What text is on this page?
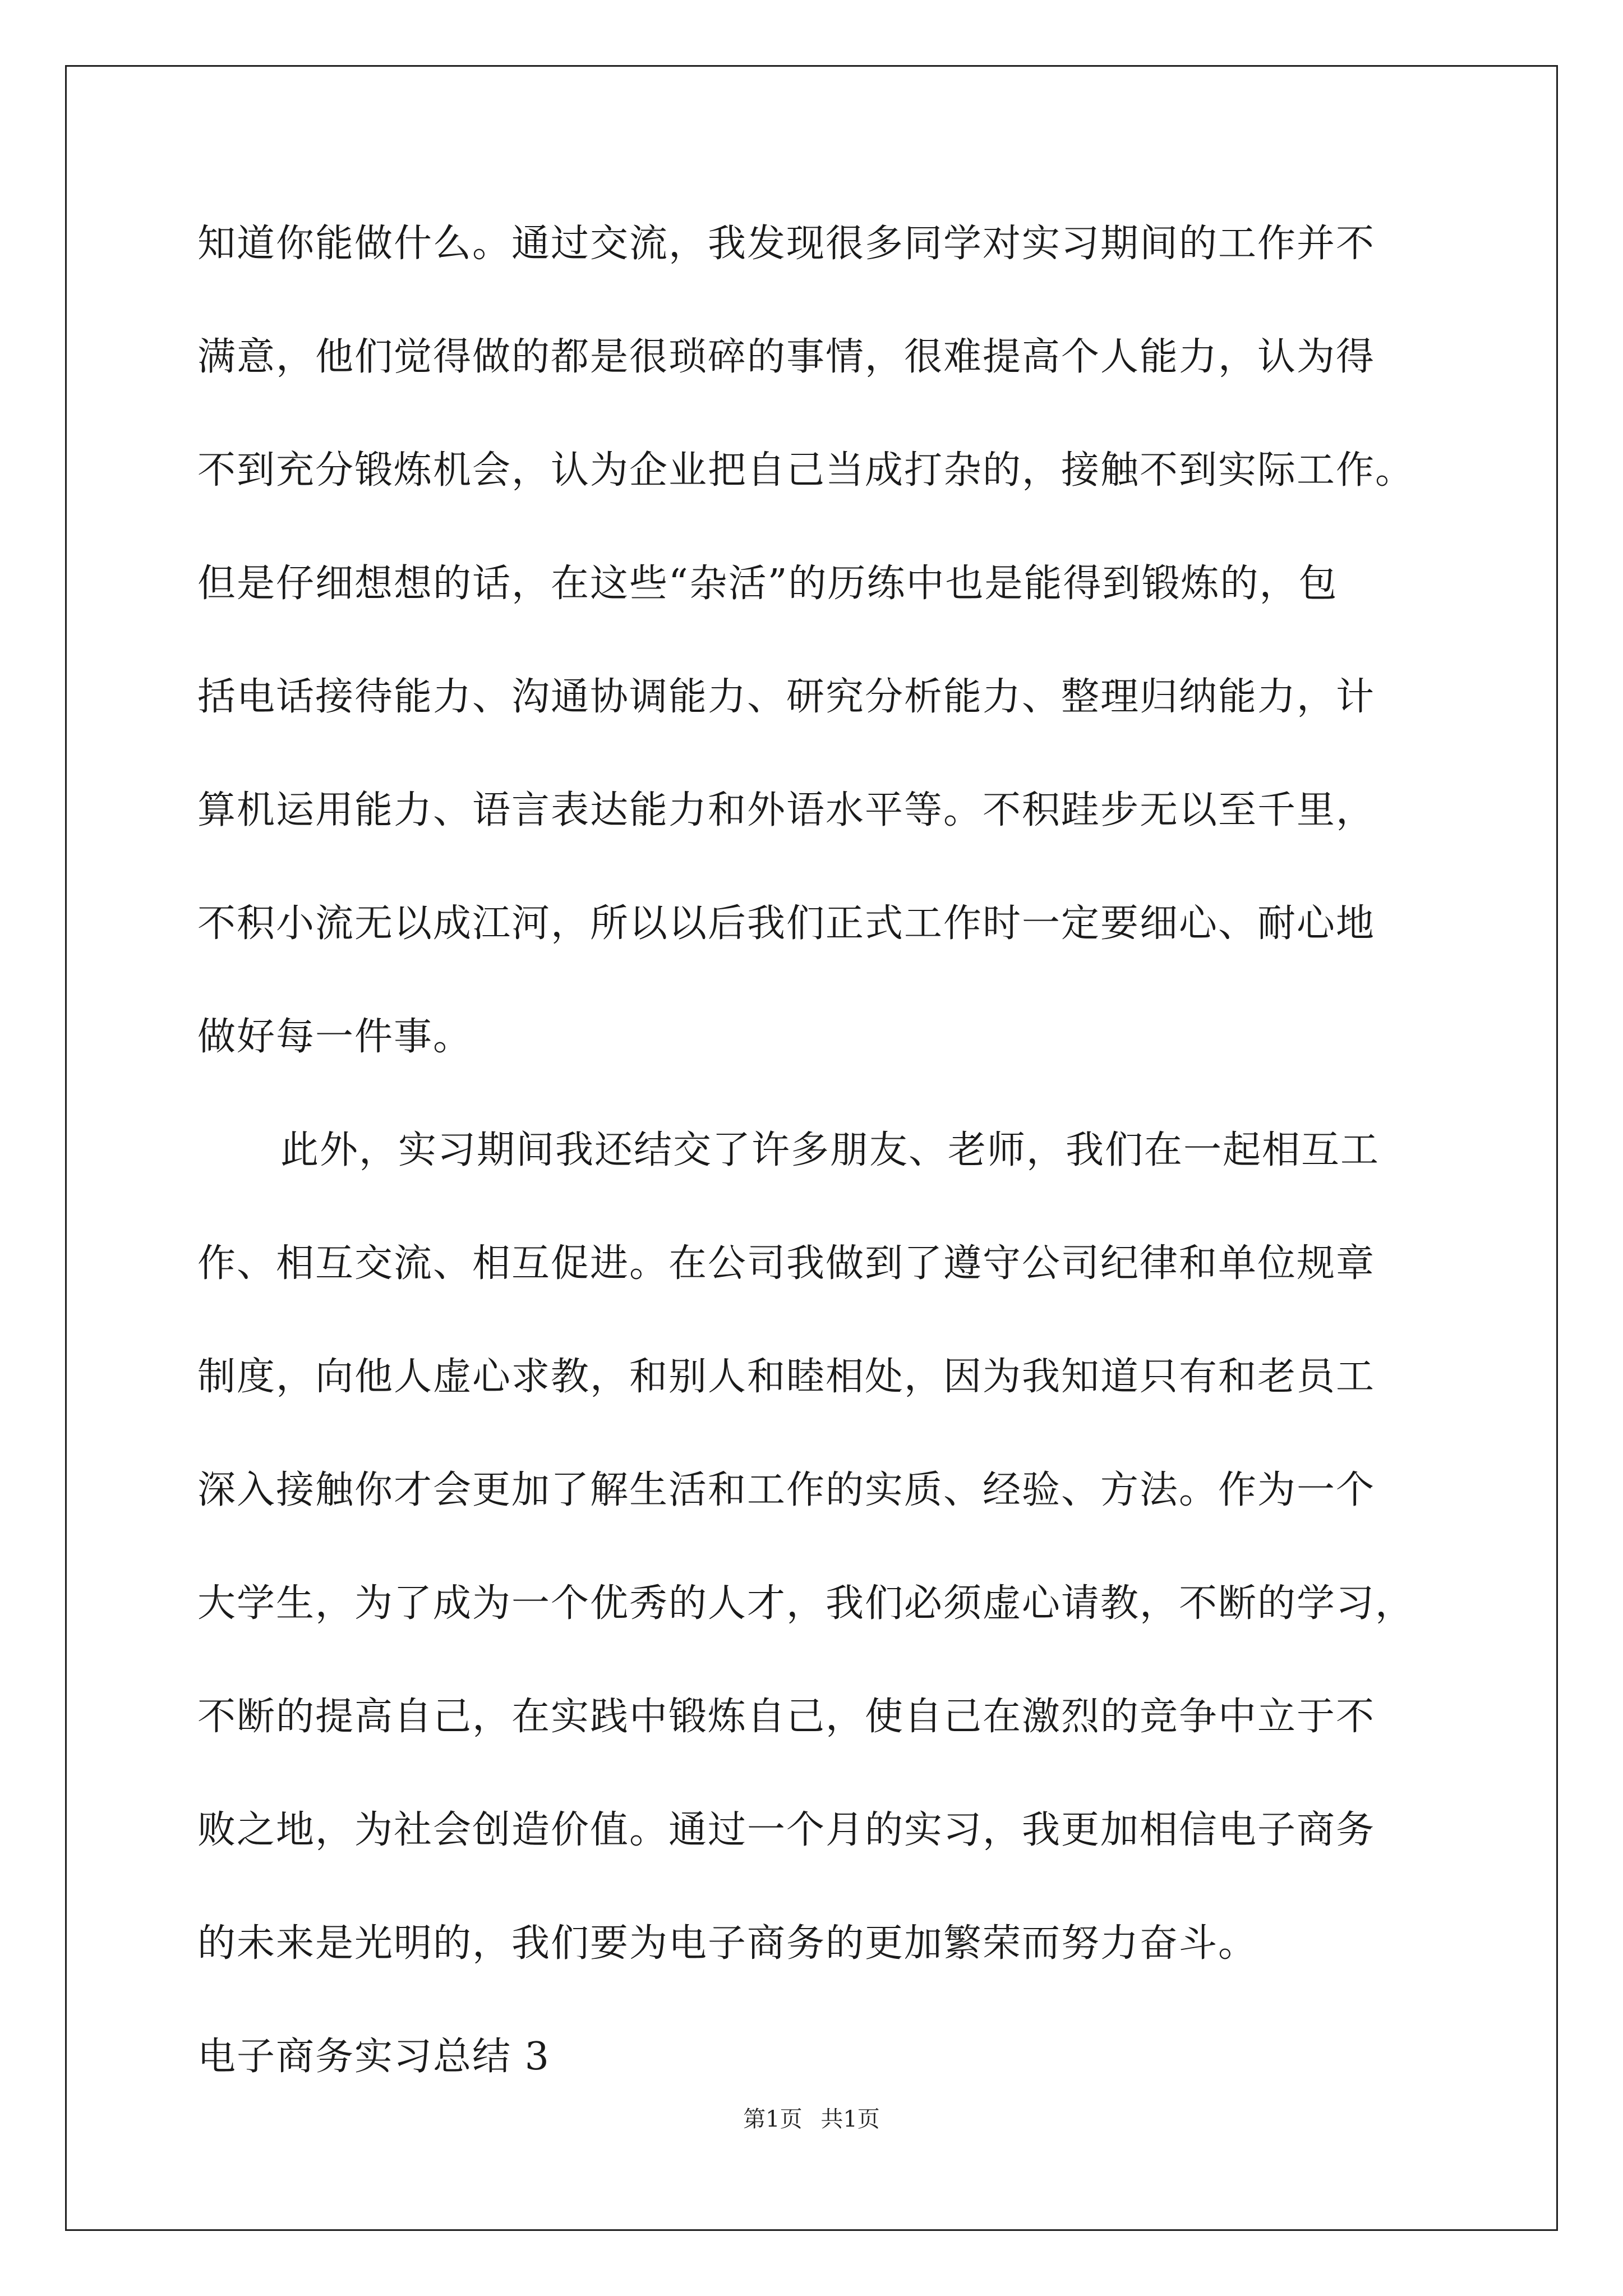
知道你能做什么。通过交流，我发现很多同学对实习期间的工作并不
满意，他们觉得做的都是很琐碎的事情，很难提高个人能力，认为得
不到充分锻炼机会，认为企业把自己当成打杂的，接触不到实际工作。
但是仔细想想的话，在这些“杂活”的历练中也是能得到锻炼的，包
括电话接待能力、沟通协调能力、研究分析能力、整理归纳能力，计
算机运用能力、语言表达能力和外语水平等。不积跬步无以至千里，
不积小流无以成江河，所以以后我们正式工作时一定要细心、耐心地
做好每一件事。
此外，实习期间我还结交了许多朋友、老师，我们在一起相互工
作、相互交流、相互促进。在公司我做到了遵守公司纪律和单位规章
制度，向他人虚心求教，和别人和睦相处，因为我知道只有和老员工
深入接触你才会更加了解生活和工作的实质、经验、方法。作为一个
大学生，为了成为一个优秀的人才，我们必须虚心请教，不断的学习，
不断的提高自己，在实践中锻炼自己，使自己在激烈的竞争中立于不
败之地，为社会创造价值。通过一个月的实习，我更加相信电子商务
的未来是光明的，我们要为电子商务的更加繁荣而努力奋斗。
电子商务实习总结 3
第1页 共1页
